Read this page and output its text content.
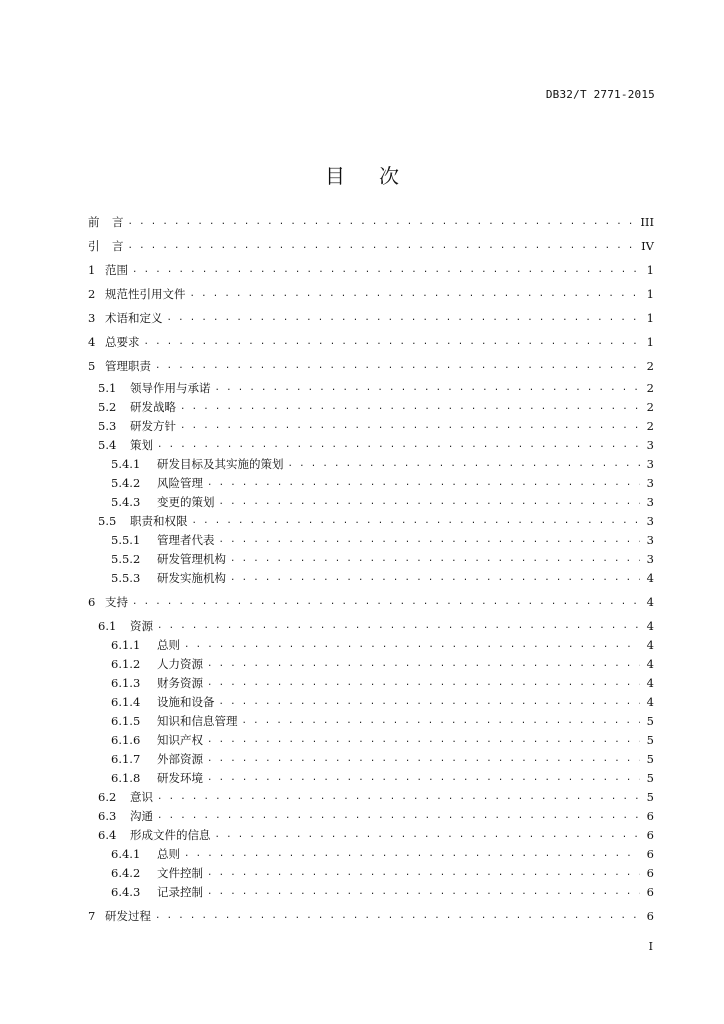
DB32/T 2771-2015
目 次
前	言 . . .	III
引	言 . . .	IV
1 范围 . . .	1
2 规范性引用文件 . . .	1
3 术语和定义 . . .	1
4 总要求 . . .	1
5 管理职责 . . .	2
5.1	领导作用与承诺 . . .	2
5.2	研发战略 . . .	2
5.3	研发方针 . . .	2
5.4	策划 . . .	3
5.4.1	研发目标及其实施的策划 . . .	3
5.4.2	风险管理 . . .	3
5.4.3	变更的策划 . . .	3
5.5	职责和权限 . . .	3
5.5.1	管理者代表 . . .	3
5.5.2	研发管理机构 . . .	3
5.5.3	研发实施机构 . . .	4
6 支持 . . .	4
6.1	资源 . . .	4
6.1.1	总则 . . .	4
6.1.2	人力资源 . . .	4
6.1.3	财务资源 . . .	4
6.1.4	设施和设备 . . .	4
6.1.5	知识和信息管理 . . .	5
6.1.6	知识产权 . . .	5
6.1.7	外部资源 . . .	5
6.1.8	研发环境 . . .	5
6.2	意识 . . .	5
6.3	沟通 . . .	6
6.4	形成文件的信息 . . .	6
6.4.1	总则 . . .	6
6.4.2	文件控制 . . .	6
6.4.3	记录控制 . . .	6
7 研发过程 . . .	6
I
